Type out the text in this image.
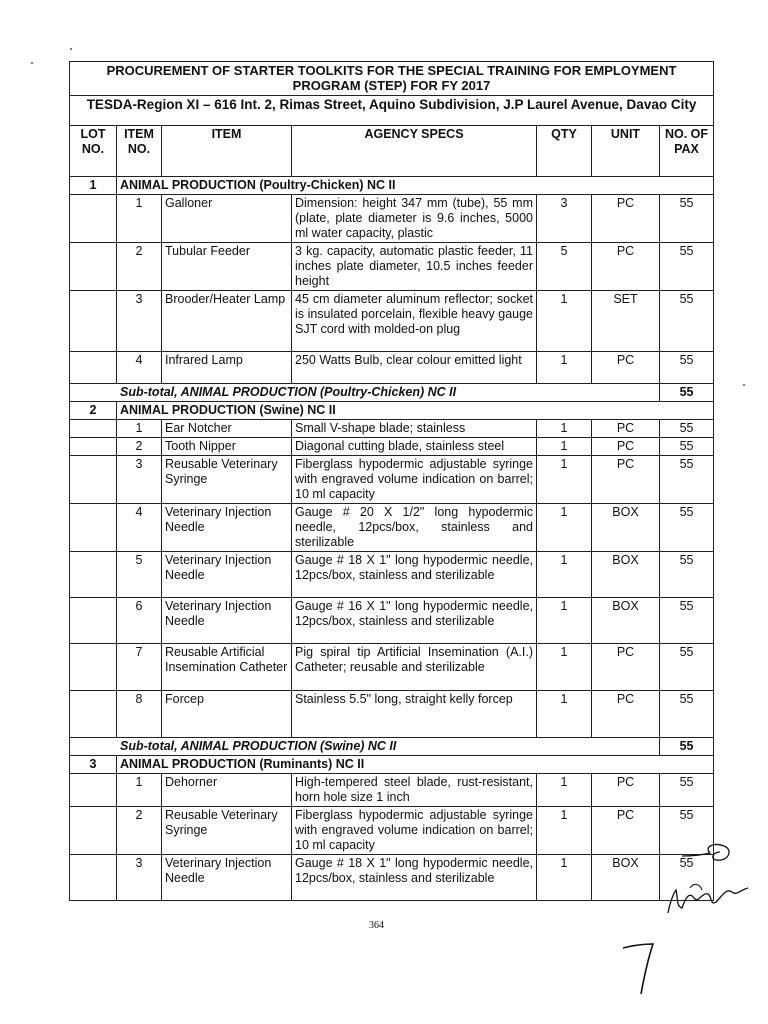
PROCUREMENT OF STARTER TOOLKITS FOR THE SPECIAL TRAINING FOR EMPLOYMENT PROGRAM (STEP) FOR FY 2017						
TESDA-Region XI – 616 Int. 2, Rimas Street, Aquino Subdivision, J.P Laurel Avenue, Davao City						
LOT NO.	ITEM NO.	ITEM	AGENCY SPECS	QTY	UNIT	NO. OF PAX
1	ANIMAL PRODUCTION (Poultry-Chicken) NC II					
	1	Galloner	Dimension: height 347 mm (tube), 55 mm (plate, plate diameter is 9.6 inches, 5000 ml water capacity, plastic	3	PC	55
	2	Tubular Feeder	3 kg. capacity, automatic plastic feeder, 11 inches plate diameter, 10.5 inches feeder height	5	PC	55
	3	Brooder/Heater Lamp	45 cm diameter aluminum reflector; socket is insulated porcelain, flexible heavy gauge SJT cord with molded-on plug	1	SET	55
	4	Infrared Lamp	250 Watts Bulb, clear colour emitted light	1	PC	55
Sub-total, ANIMAL PRODUCTION (Poultry-Chicken) NC II						55
2	ANIMAL PRODUCTION (Swine) NC II					
	1	Ear Notcher	Small V-shape blade; stainless	1	PC	55
	2	Tooth Nipper	Diagonal cutting blade, stainless steel	1	PC	55
	3	Reusable Veterinary Syringe	Fiberglass hypodermic adjustable syringe with engraved volume indication on barrel; 10 ml capacity	1	PC	55
	4	Veterinary Injection Needle	Gauge # 20 X 1/2" long hypodermic needle, 12pcs/box, stainless and sterilizable	1	BOX	55
	5	Veterinary Injection Needle	Gauge # 18 X 1" long hypodermic needle, 12pcs/box, stainless and sterilizable	1	BOX	55
	6	Veterinary Injection Needle	Gauge # 16 X 1" long hypodermic needle, 12pcs/box, stainless and sterilizable	1	BOX	55
	7	Reusable Artificial Insemination Catheter	Pig spiral tip Artificial Insemination (A.I.) Catheter; reusable and sterilizable	1	PC	55
	8	Forcep	Stainless 5.5" long, straight kelly forcep	1	PC	55
Sub-total, ANIMAL PRODUCTION (Swine) NC II						55
3	ANIMAL PRODUCTION (Ruminants) NC II					
	1	Dehorner	High-tempered steel blade, rust-resistant, horn hole size 1 inch	1	PC	55
	2	Reusable Veterinary Syringe	Fiberglass hypodermic adjustable syringe with engraved volume indication on barrel; 10 ml capacity	1	PC	55
	3	Veterinary Injection Needle	Gauge # 18 X 1" long hypodermic needle, 12pcs/box, stainless and sterilizable	1	BOX	55
364
